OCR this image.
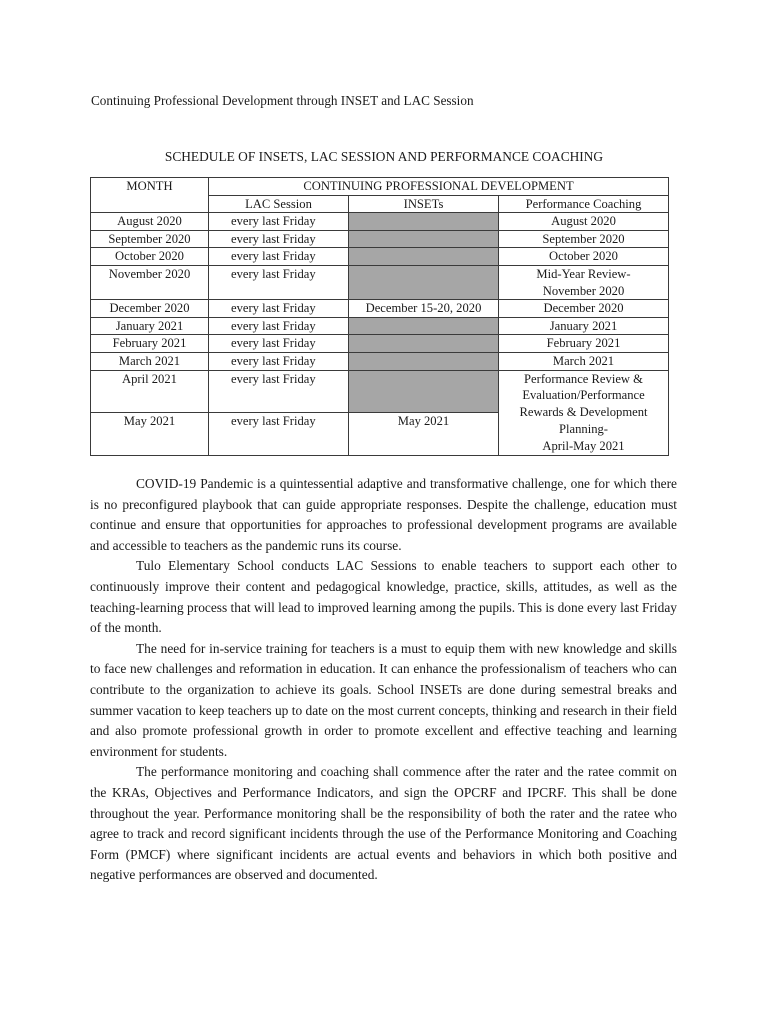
Continuing Professional Development through INSET and LAC Session
SCHEDULE OF INSETS, LAC SESSION AND PERFORMANCE COACHING
MONTH	CONTINUING PROFESSIONAL DEVELOPMENT		
	LAC Session	INSETs	Performance Coaching
August 2020	every last Friday		August 2020
September 2020	every last Friday		September 2020
October 2020	every last Friday		October 2020
November 2020	every last Friday		Mid-Year Review-
November 2020

December 2020	every last Friday	December 15-20, 2020	December 2020
January 2021	every last Friday		January 2021
February 2021	every last Friday		February 2021
March 2021	every last Friday		March 2021
April 2021	every last Friday		Performance Review &
Evaluation/Performance
Rewards & Development
Planning-
April-May 2021

May 2021	every last Friday	May 2021	

COVID-19 Pandemic is a quintessential adaptive and transformative challenge, one for which there is no preconfigured playbook that can guide appropriate responses. Despite the challenge, education must continue and ensure that opportunities for approaches to professional development programs are available and accessible to teachers as the pandemic runs its course.

Tulo Elementary School conducts LAC Sessions to enable teachers to support each other to continuously improve their content and pedagogical knowledge, practice, skills, attitudes, as well as the teaching-learning process that will lead to improved learning among the pupils. This is done every last Friday of the month.

The need for in-service training for teachers is a must to equip them with new knowledge and skills to face new challenges and reformation in education. It can enhance the professionalism of teachers who can contribute to the organization to achieve its goals. School INSETs are done during semestral breaks and summer vacation to keep teachers up to date on the most current concepts, thinking and research in their field and also promote professional growth in order to promote excellent and effective teaching and learning environment for students.

The performance monitoring and coaching shall commence after the rater and the ratee commit on the KRAs, Objectives and Performance Indicators, and sign the OPCRF and IPCRF. This shall be done throughout the year. Performance monitoring shall be the responsibility of both the rater and the ratee who agree to track and record significant incidents through the use of the Performance Monitoring and Coaching Form (PMCF) where significant incidents are actual events and behaviors in which both positive and negative performances are observed and documented.
